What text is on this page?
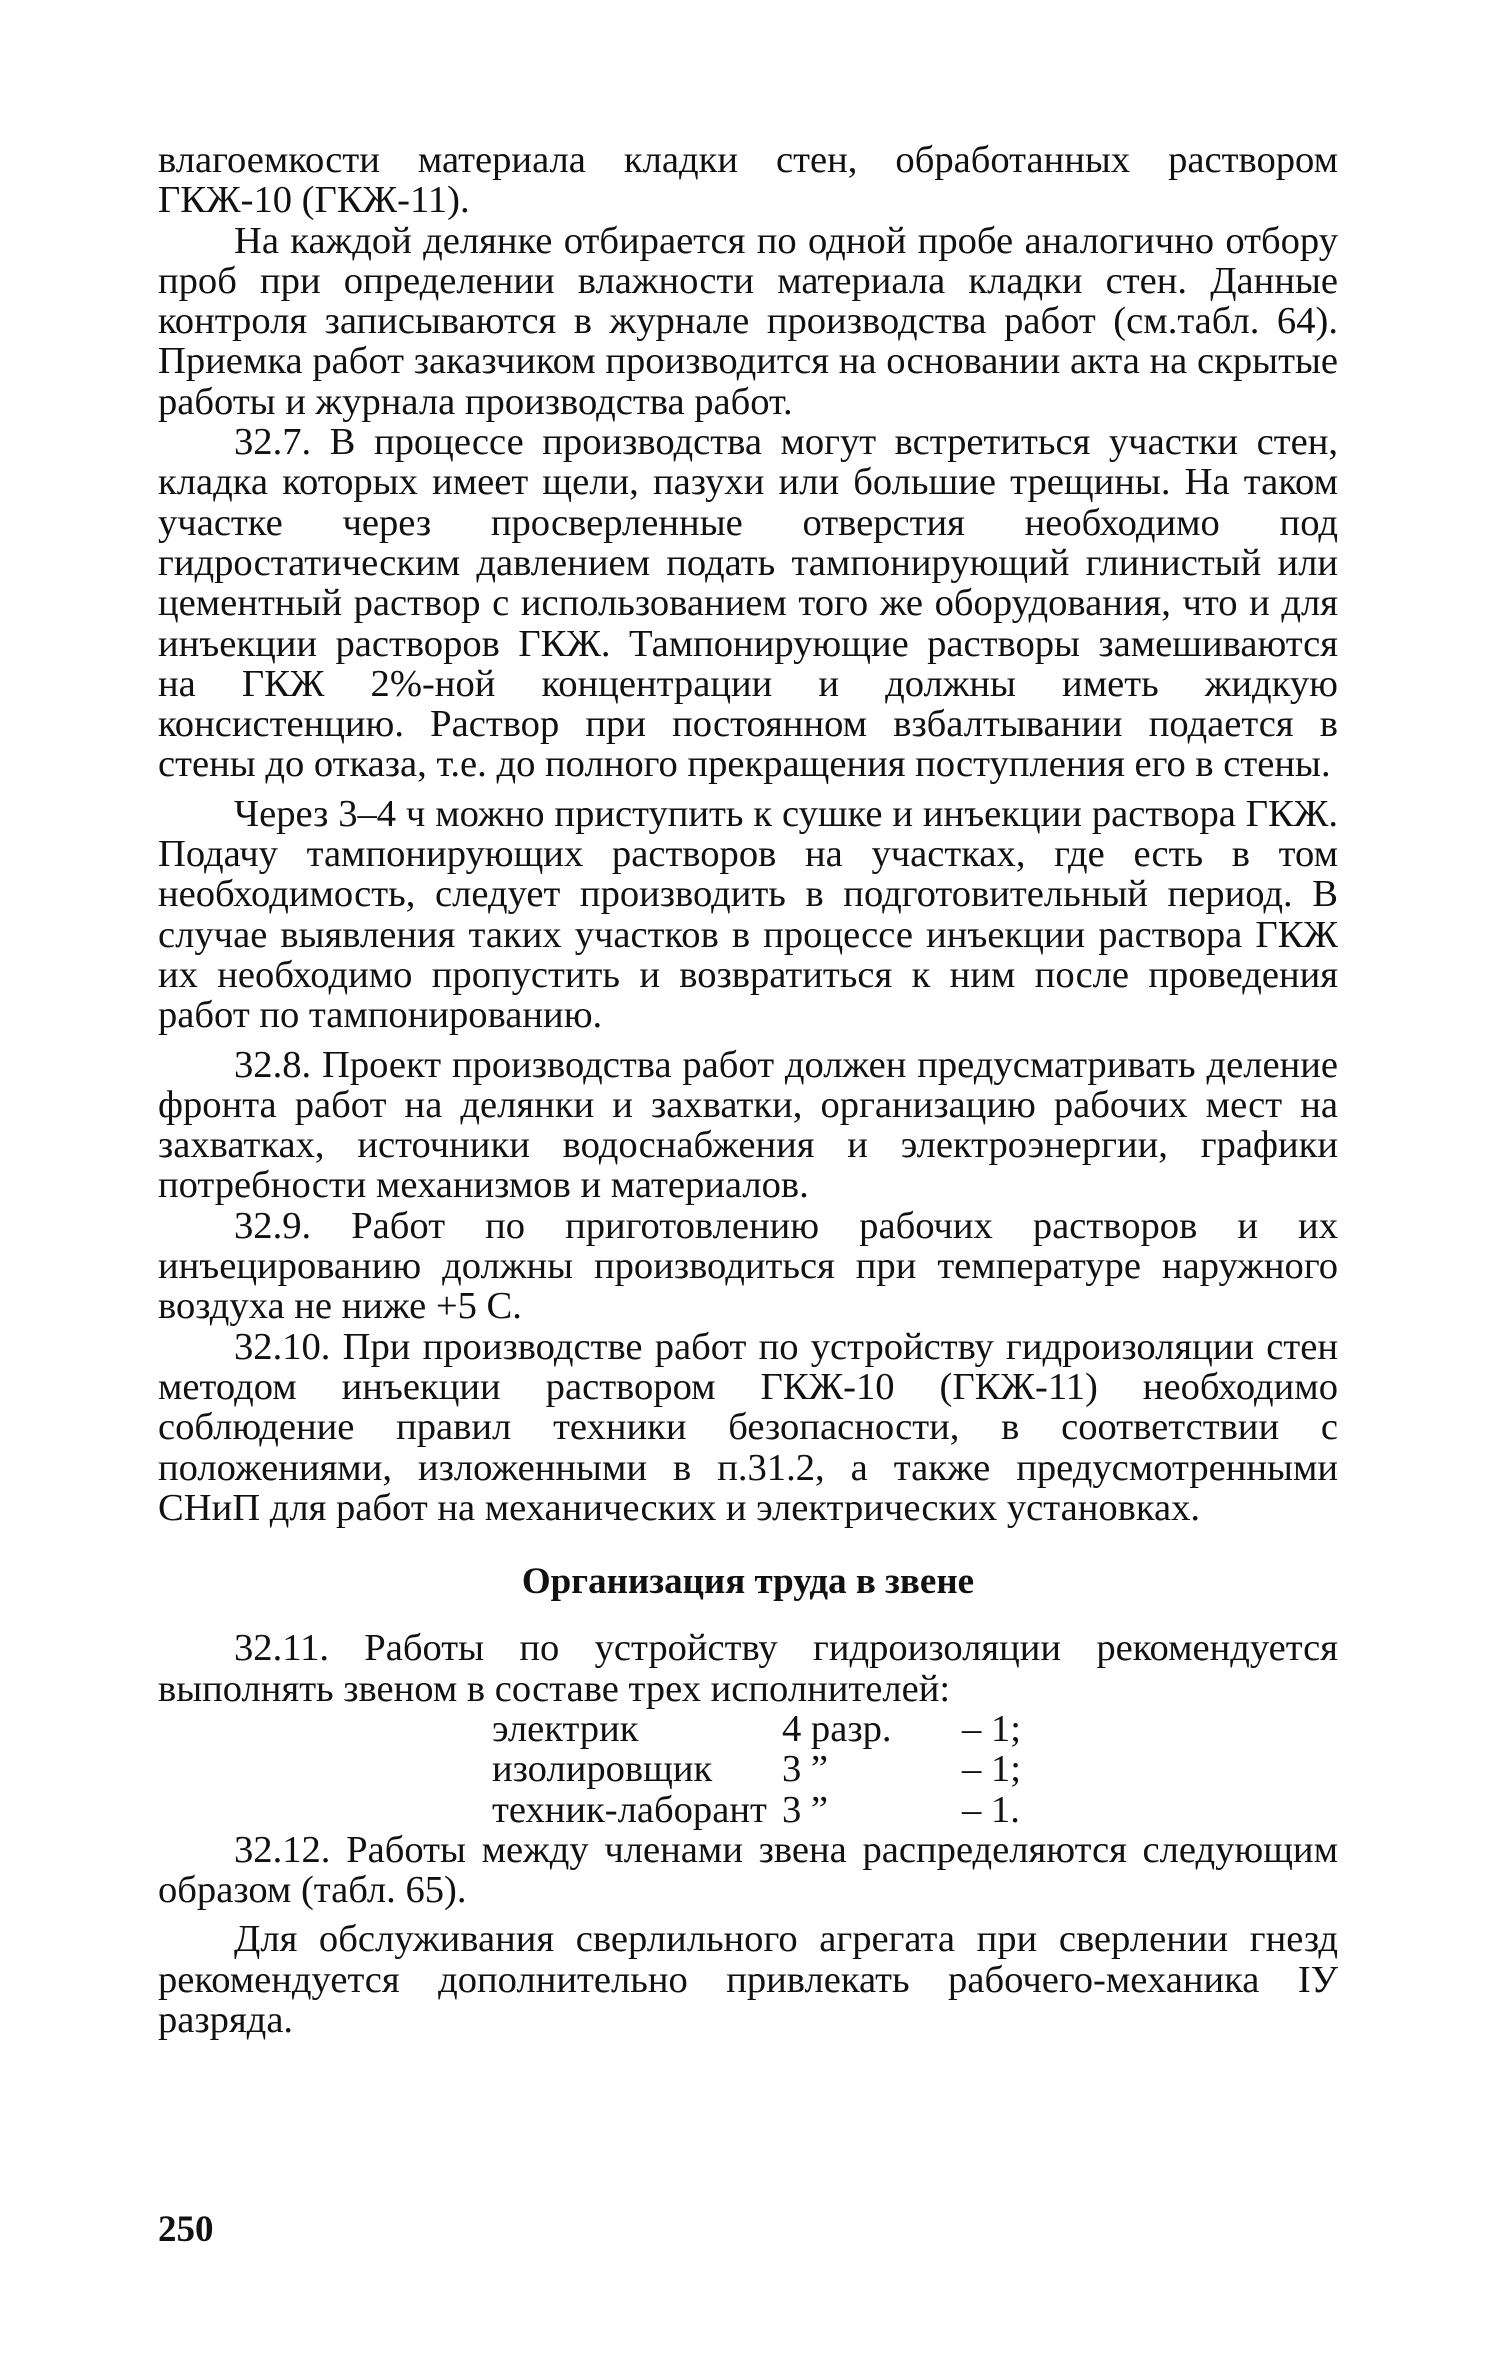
влагоемкости материала кладки стен, обработанных раствором ГКЖ-10 (ГКЖ-11).

На каждой делянке отбирается по одной пробе аналогично отбору проб при определении влажности материала кладки стен. Данные контроля записываются в журнале производства работ (см.табл. 64). Приемка работ заказчиком производится на основании акта на скрытые работы и журнала производства работ.

32.7. В процессе производства могут встретиться участки стен, кладка которых имеет щели, пазухи или большие трещины. На таком участке через просверленные отверстия необходимо под гидростатическим давлением подать тампонирующий глинистый или цементный раствор с использованием того же оборудования, что и для инъекции растворов ГКЖ. Тампонирующие растворы замешиваются на ГКЖ 2%-ной концентрации и должны иметь жидкую консистенцию. Раствор при постоянном взбалтывании подается в стены до отказа, т.е. до полного прекращения поступления его в стены.

Через 3–4 ч можно приступить к сушке и инъекции раствора ГКЖ. Подачу тампонирующих растворов на участках, где есть в том необходимость, следует производить в подготовительный период. В случае выявления таких участков в процессе инъекции раствора ГКЖ их необходимо пропустить и возвратиться к ним после проведения работ по тампонированию.

32.8. Проект производства работ должен предусматривать деление фронта работ на делянки и захватки, организацию рабочих мест на захватках, источники водоснабжения и электроэнергии, графики потребности механизмов и материалов.

32.9. Работ по приготовлению рабочих растворов и их инъецированию должны производиться при температуре наружного воздуха не ниже +5 С.

32.10. При производстве работ по устройству гидроизоляции стен методом инъекции раствором ГКЖ-10 (ГКЖ-11) необходимо соблюдение правил техники безопасности, в соответствии с положениями, изложенными в п.31.2, а также предусмотренными СНиП для работ на механических и электрических установках.

Организация труда в звене

32.11. Работы по устройству гидроизоляции рекомендуется выполнять звеном в составе трех исполнителей:

электрик	4 разр.	– 1;
изолировщик	3 ”	– 1;
техник-лаборант 3 ”	– 1.

32.12. Работы между членами звена распределяются следующим образом (табл. 65).

Для обслуживания сверлильного агрегата при сверлении гнезд рекомендуется дополнительно привлекать рабочего-механика IУ разряда.

250
